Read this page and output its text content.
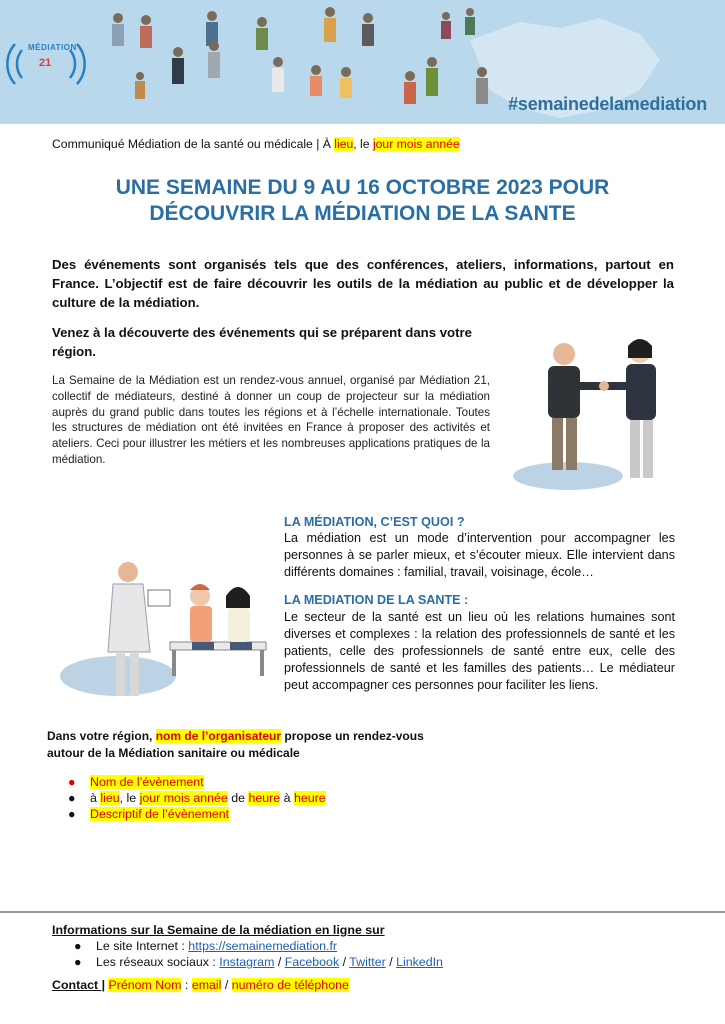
MÉDIATION
21
#semainedelamediation
Communiqué Médiation de la santé ou médicale | À lieu, le jour mois année
UNE SEMAINE DU 9 AU 16 OCTOBRE 2023 POUR
DÉCOUVRIR LA MÉDIATION DE LA SANTE

Des événements sont organisés tels que des conférences, ateliers, informations, partout en France. L’objectif est de faire découvrir les outils de la médiation au public et de développer la culture de la médiation.

Venez à la découverte des événements qui se préparent dans votre région.

La Semaine de la Médiation est un rendez-vous annuel, organisé par Médiation 21, collectif de médiateurs, destiné à donner un coup de projecteur sur la médiation auprès du grand public dans toutes les régions et à l’échelle internationale. Toutes les structures de médiation ont été invitées en France à proposer des activités et ateliers. Ceci pour illustrer les métiers et les nombreuses applications pratiques de la médiation.

LA MÉDIATION, C’EST QUOI ?

La médiation est un mode d’intervention pour accompagner les personnes à se parler mieux, et s’écouter mieux. Elle intervient dans différents domaines : familial, travail, voisinage, école…

LA MEDIATION DE LA SANTE :

Le secteur de la santé est un lieu où les relations humaines sont diverses et complexes : la relation des professionnels de santé et les patients, celle des professionnels de santé entre eux, celle des professionnels de santé et les familles des patients… Le médiateur peut accompagner ces personnes pour faciliter les liens.

Dans votre région, nom de l’organisateur propose un rendez-vous autour de la Médiation sanitaire ou médicale
● Nom de l’évènement
● à lieu, le jour mois année de heure à heure
● Descriptif de l’évènement
Informations sur la Semaine de la médiation en ligne sur
● Le site Internet : https://semainemediation.fr
● Les réseaux sociaux : Instagram / Facebook / Twitter / LinkedIn
Contact | Prénom Nom : email / numéro de téléphone
